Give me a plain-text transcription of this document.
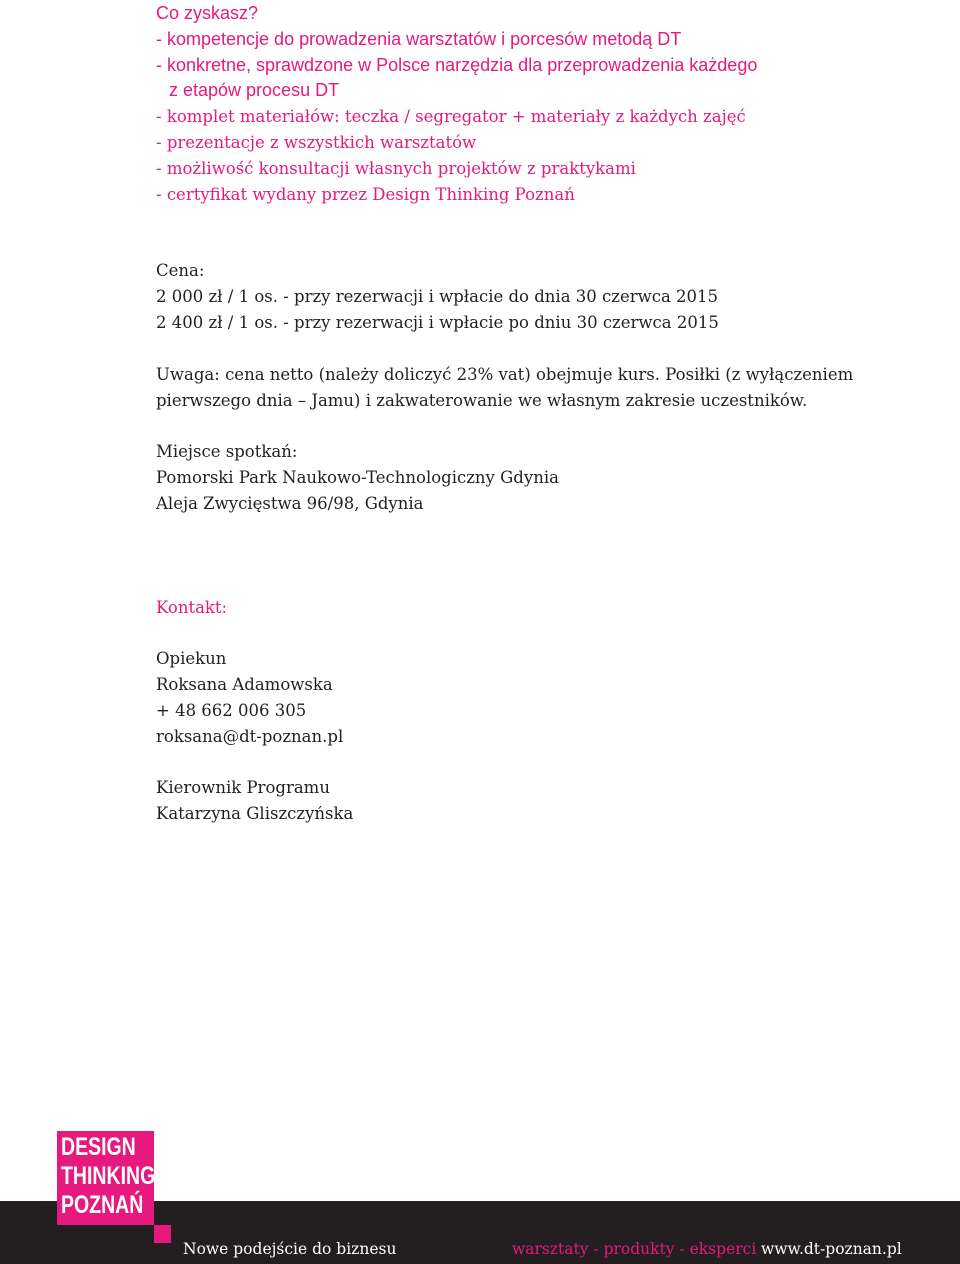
Co zyskasz?
- kompetencje do prowadzenia warsztatów i porcesów metodą DT
- konkretne, sprawdzone w Polsce narzędzia dla przeprowadzenia każdego
z etapów procesu DT
- komplet materiałów: teczka / segregator + materiały z każdych zajęć
- prezentacje z wszystkich warsztatów
- możliwość konsultacji własnych projektów z praktykami
- certyfikat wydany przez Design Thinking Poznań
Cena:
2 000 zł / 1 os. - przy rezerwacji i wpłacie do dnia 30 czerwca 2015
2 400 zł / 1 os. - przy rezerwacji i wpłacie po dniu 30 czerwca 2015
Uwaga: cena netto (należy doliczyć 23% vat) obejmuje kurs. Posiłki (z wyłączeniem
pierwszego dnia – Jamu) i zakwaterowanie we własnym zakresie uczestników.
Miejsce spotkań:
Pomorski Park Naukowo-Technologiczny Gdynia
Aleja Zwycięstwa 96/98, Gdynia
Kontakt:
Opiekun
Roksana Adamowska
+ 48 662 006 305
roksana@dt-poznan.pl
Kierownik Programu
Katarzyna Gliszczyńska
DESIGN
THINKING
POZNAŃ
Nowe podejście do biznesu	warsztaty - produkty - eksperci www.dt-poznan.pl
